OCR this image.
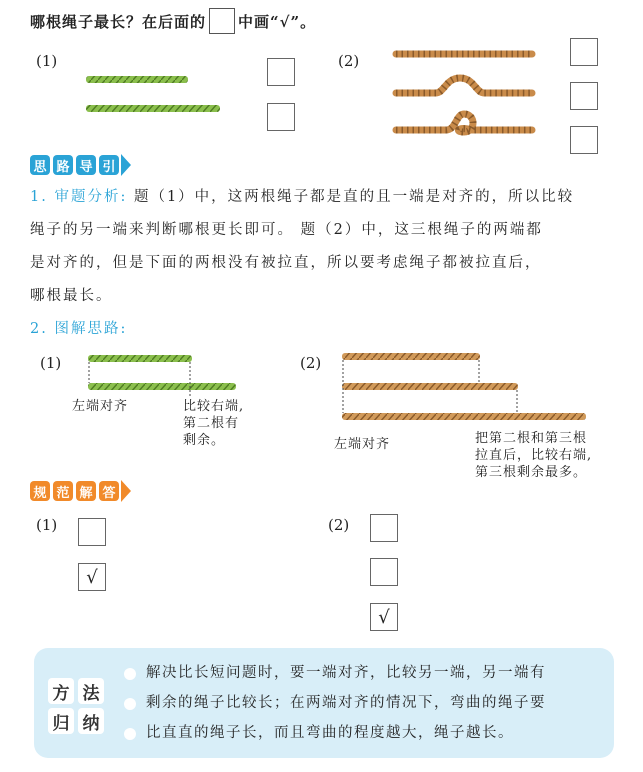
哪根绳子最长？在后面的 中画“√”。
(1)	(2)
思 路 导 引
1. 审题分析: 题（1）中，这两根绳子都是直的且一端是对齐的，所以比较
绳子的另一端来判断哪根更长即可。 题（2）中，这三根绳子的两端都
是对齐的，但是下面的两根没有被拉直，所以要考虑绳子都被拉直后，
哪根最长。
2. 图解思路:
(1)
左端对齐	比较右端,
第二根有
剩余。
(2)
左端对齐	把第二根和第三根
拉直后，比较右端,
第三根剩余最多。
规 范 解 答
(1)
√
(2)
√
方 法
归 纳
解决比长短问题时，要一端对齐，比较另一端，另一端有
剩余的绳子比较长；在两端对齐的情况下，弯曲的绳子要
比直直的绳子长，而且弯曲的程度越大，绳子越长。
